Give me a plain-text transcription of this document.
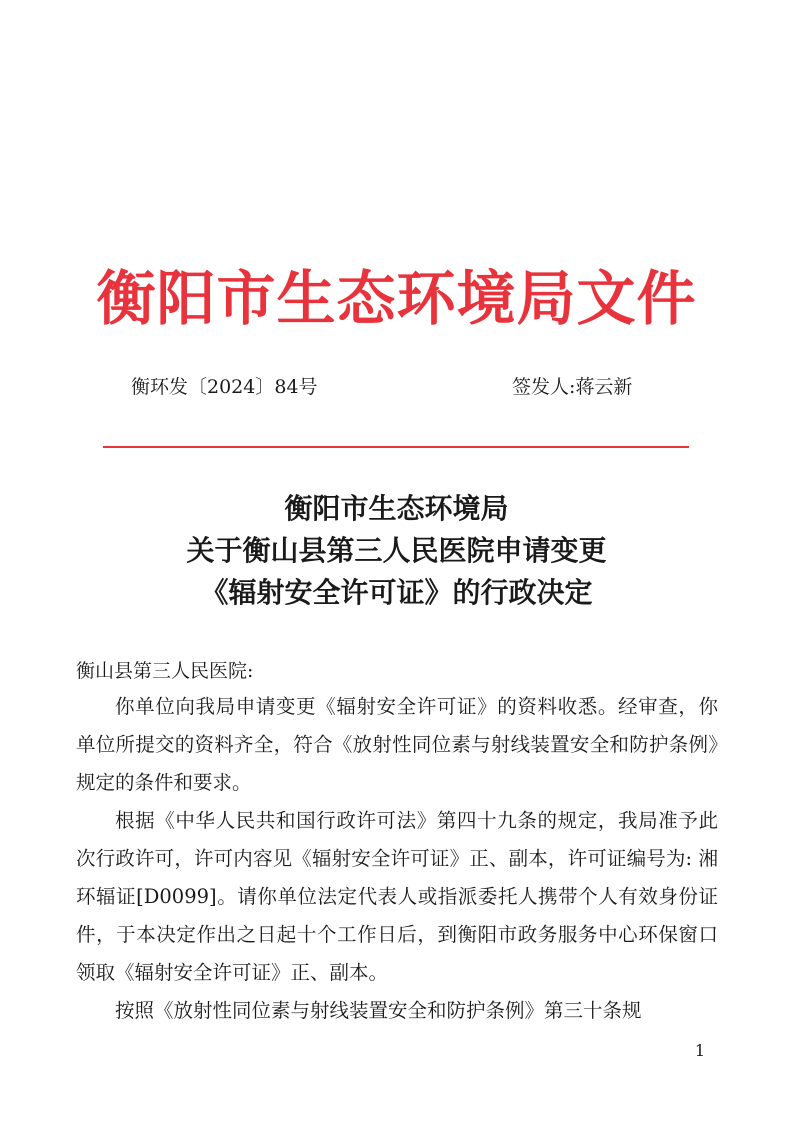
衡阳市生态环境局文件
衡环发〔2024〕84号	签发人:蒋云新
衡阳市生态环境局
关于衡山县第三人民医院申请变更
《辐射安全许可证》的行政决定
衡山县第三人民医院:

你单位向我局申请变更《辐射安全许可证》的资料收悉。经审查，你单位所提交的资料齐全，符合《放射性同位素与射线装置安全和防护条例》规定的条件和要求。

根据《中华人民共和国行政许可法》第四十九条的规定，我局准予此次行政许可，许可内容见《辐射安全许可证》正、副本，许可证编号为: 湘环辐证[D0099]。请你单位法定代表人或指派委托人携带个人有效身份证件，于本决定作出之日起十个工作日后，到衡阳市政务服务中心环保窗口领取《辐射安全许可证》正、副本。

按照《放射性同位素与射线装置安全和防护条例》第三十条规

1
